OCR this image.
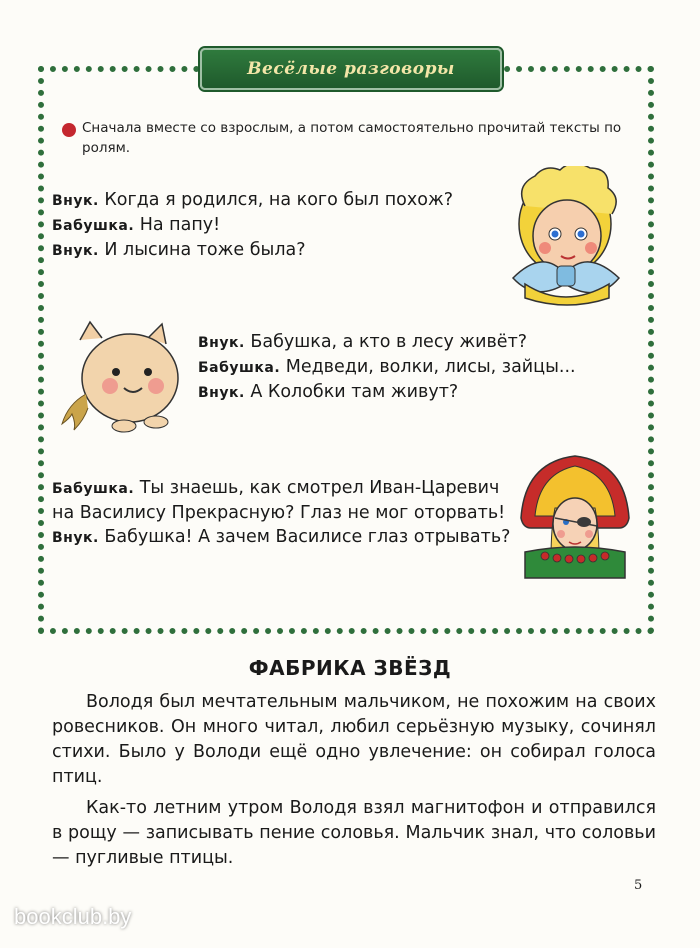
Весёлые разговоры
Сначала вместе со взрослым, а потом самостоятельно прочитай тексты по ролям.
Внук. Когда я родился, на кого был похож?
Бабушка. На папу!
Внук. И лысина тоже была?
Внук. Бабушка, а кто в лесу живёт?
Бабушка. Медведи, волки, лисы, зайцы...
Внук. А Колобки там живут?
Бабушка. Ты знаешь, как смотрел Иван-Царевич на Василису Прекрасную? Глаз не мог оторвать!
Внук. Бабушка! А зачем Василисе глаз отрывать?
ФАБРИКА ЗВЁЗД

Володя был мечтательным мальчиком, не похожим на своих ровесников. Он много читал, любил серьёзную музыку, сочинял стихи. Было у Володи ещё одно увлечение: он собирал голоса птиц.

Как-то летним утром Володя взял магнитофон и отправился в рощу — записывать пение соловья. Мальчик знал, что соловьи — пугливые птицы.

5
bookclub.by
